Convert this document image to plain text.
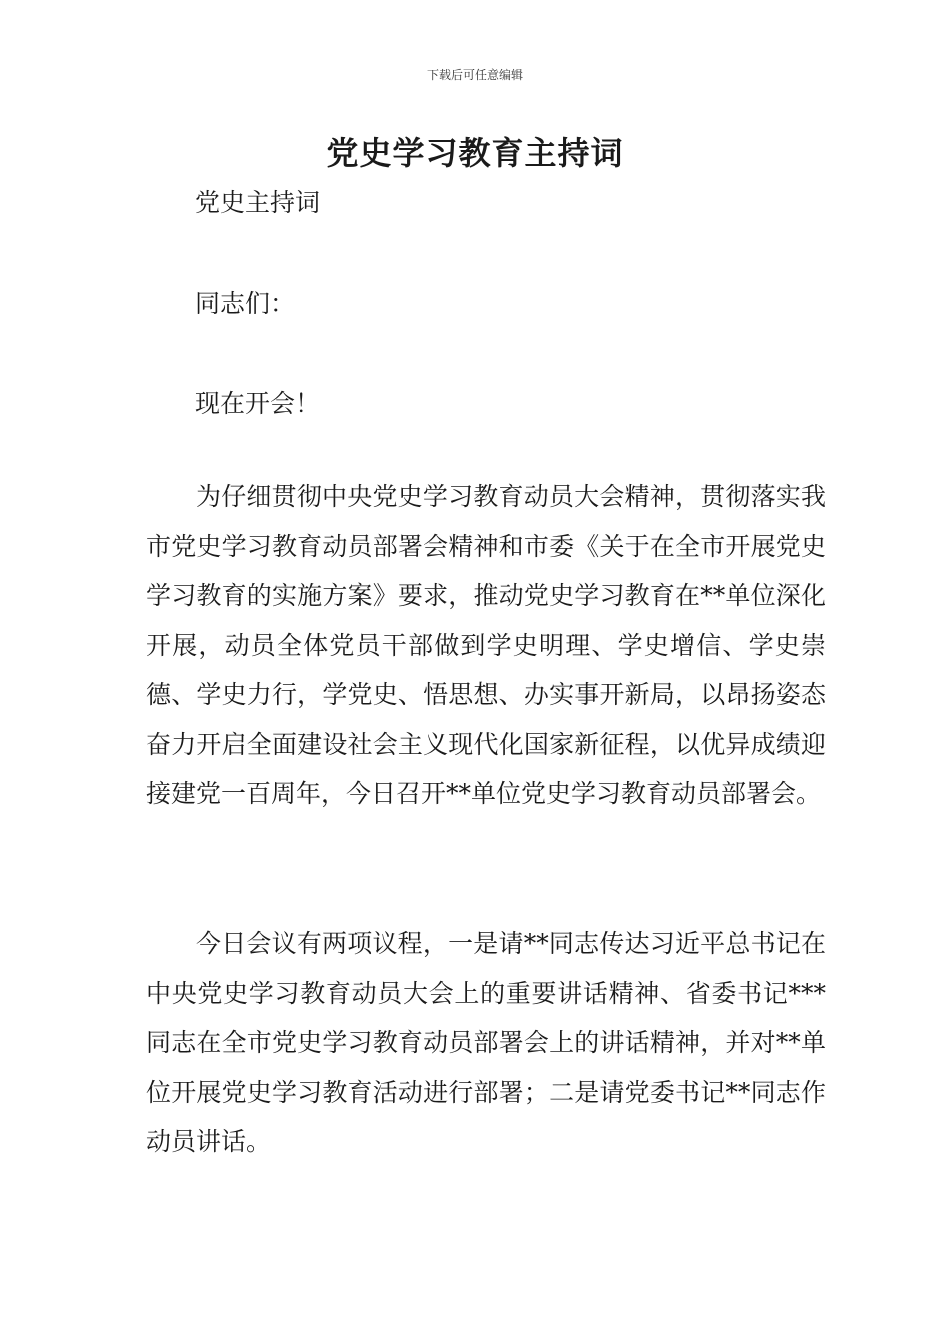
下载后可任意编辑
党史学习教育主持词
党史主持词
同志们：
现在开会！
为仔细贯彻中央党史学习教育动员大会精神，贯彻落实我市党史学习教育动员部署会精神和市委《关于在全市开展党史学习教育的实施方案》要求，推动党史学习教育在**单位深化开展，动员全体党员干部做到学史明理、学史增信、学史崇德、学史力行，学党史、悟思想、办实事开新局，以昂扬姿态奋力开启全面建设社会主义现代化国家新征程，以优异成绩迎接建党一百周年，今日召开**单位党史学习教育动员部署会。
今日会议有两项议程，一是请**同志传达习近平总书记在中央党史学习教育动员大会上的重要讲话精神、省委书记***同志在全市党史学习教育动员部署会上的讲话精神，并对**单位开展党史学习教育活动进行部署；二是请党委书记**同志作动员讲话。
